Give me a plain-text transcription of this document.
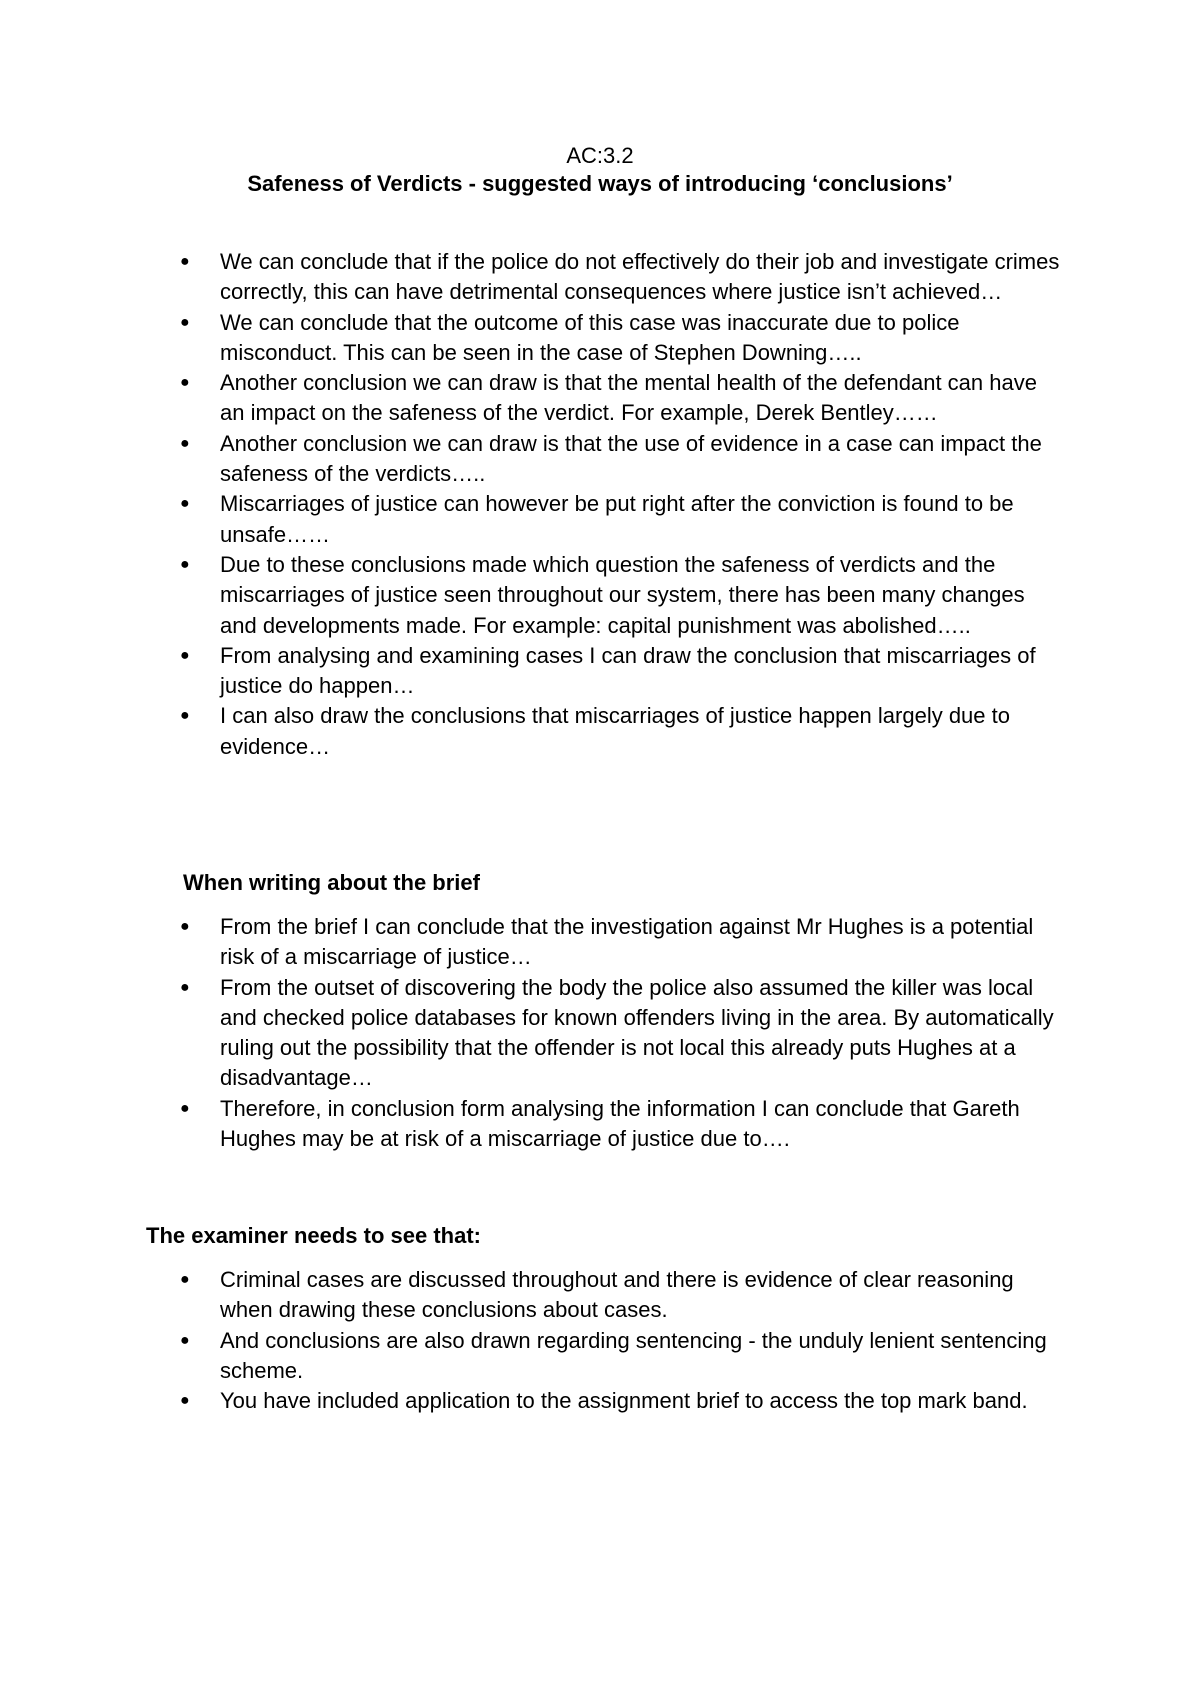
AC:3.2

Safeness of Verdicts - suggested ways of introducing ‘conclusions’

●	We can conclude that if the police do not effectively do their job and investigate crimes correctly, this can have detrimental consequences where justice isn’t achieved…
●	We can conclude that the outcome of this case was inaccurate due to police misconduct. This can be seen in the case of Stephen Downing…..
●	Another conclusion we can draw is that the mental health of the defendant can have an impact on the safeness of the verdict. For example, Derek Bentley……
●	Another conclusion we can draw is that the use of evidence in a case can impact the safeness of the verdicts…..
●	Miscarriages of justice can however be put right after the conviction is found to be unsafe……
●	Due to these conclusions made which question the safeness of verdicts and the miscarriages of justice seen throughout our system, there has been many changes and developments made. For example: capital punishment was abolished…..
●	From analysing and examining cases I can draw the conclusion that miscarriages of justice do happen…
●	I can also draw the conclusions that miscarriages of justice happen largely due to evidence…

When writing about the brief

●	From the brief I can conclude that the investigation against Mr Hughes is a potential risk of a miscarriage of justice…
●	From the outset of discovering the body the police also assumed the killer was local and checked police databases for known offenders living in the area. By automatically ruling out the possibility that the offender is not local this already puts Hughes at a disadvantage…
●	Therefore, in conclusion form analysing the information I can conclude that Gareth Hughes may be at risk of a miscarriage of justice due to….

The examiner needs to see that:

●	Criminal cases are discussed throughout and there is evidence of clear reasoning when drawing these conclusions about cases.
●	And conclusions are also drawn regarding sentencing - the unduly lenient sentencing scheme.
●	You have included application to the assignment brief to access the top mark band.
